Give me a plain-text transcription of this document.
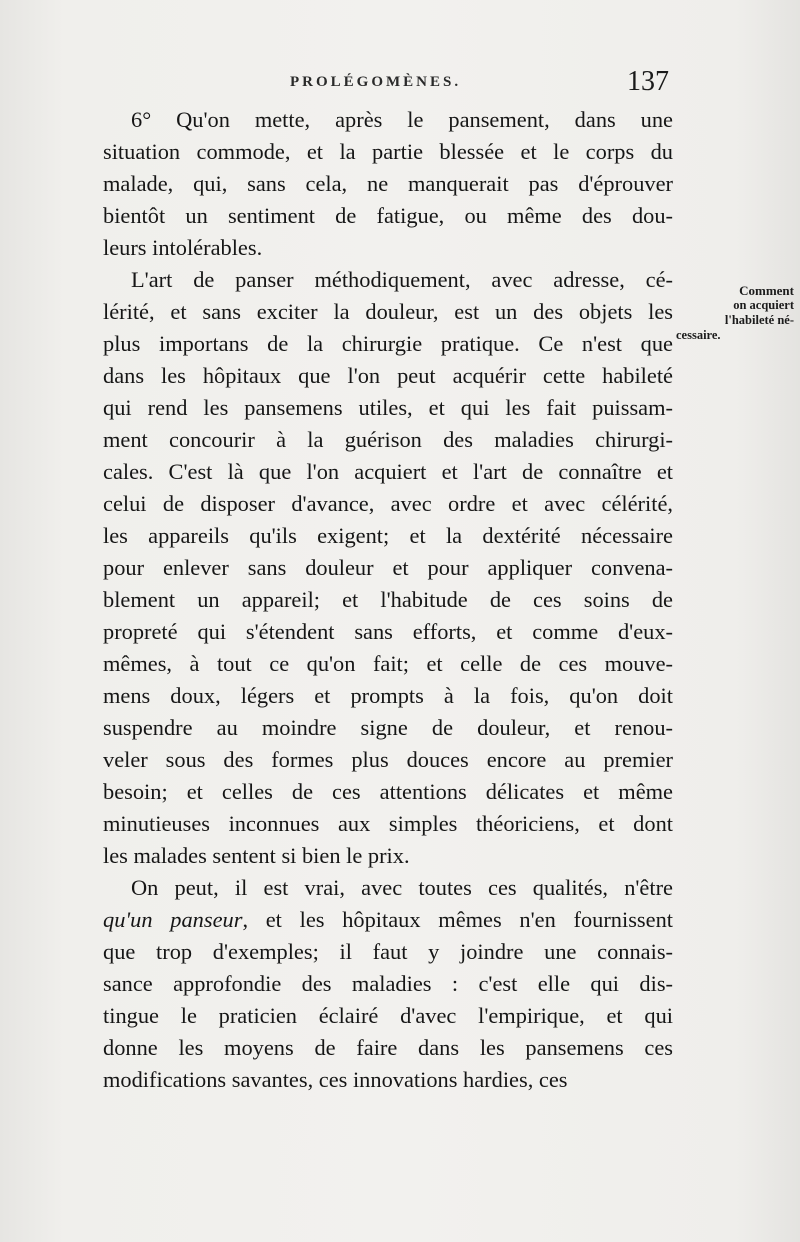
PROLÉGOMÈNES.	137
Comment
on acquiert
l'habileté né-
cessaire.
6° Qu'on mette, après le pansement, dans une
situation commode, et la partie blessée et le corps du
malade, qui, sans cela, ne manquerait pas d'éprouver
bientôt un sentiment de fatigue, ou même des dou-
leurs intolérables.
L'art de panser méthodiquement, avec adresse, cé-
lérité, et sans exciter la douleur, est un des objets les
plus importans de la chirurgie pratique. Ce n'est que
dans les hôpitaux que l'on peut acquérir cette habileté
qui rend les pansemens utiles, et qui les fait puissam-
ment concourir à la guérison des maladies chirurgi-
cales. C'est là que l'on acquiert et l'art de connaître et
celui de disposer d'avance, avec ordre et avec célérité,
les appareils qu'ils exigent; et la dextérité nécessaire
pour enlever sans douleur et pour appliquer convena-
blement un appareil; et l'habitude de ces soins de
propreté qui s'étendent sans efforts, et comme d'eux-
mêmes, à tout ce qu'on fait; et celle de ces mouve-
mens doux, légers et prompts à la fois, qu'on doit
suspendre au moindre signe de douleur, et renou-
veler sous des formes plus douces encore au premier
besoin; et celles de ces attentions délicates et même
minutieuses inconnues aux simples théoriciens, et dont
les malades sentent si bien le prix.
On peut, il est vrai, avec toutes ces qualités, n'être
qu'un panseur, et les hôpitaux mêmes n'en fournissent
que trop d'exemples; il faut y joindre une connais-
sance approfondie des maladies : c'est elle qui dis-
tingue le praticien éclairé d'avec l'empirique, et qui
donne les moyens de faire dans les pansemens ces
modifications savantes, ces innovations hardies, ces
